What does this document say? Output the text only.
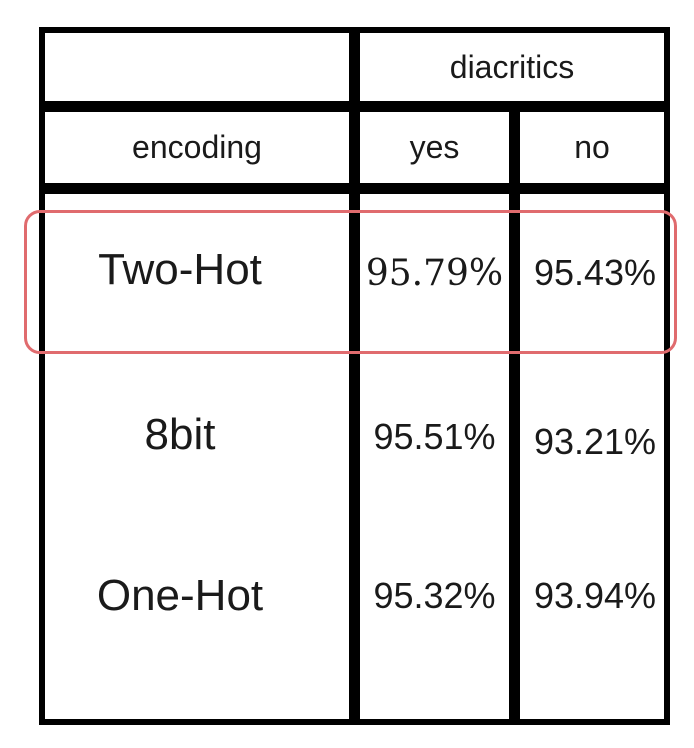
diacritics
encoding	yes	no
Two-Hot	95.79% 95.43%
8bit	95.51%	93.21%
One-Hot	95.32%	93.94%
